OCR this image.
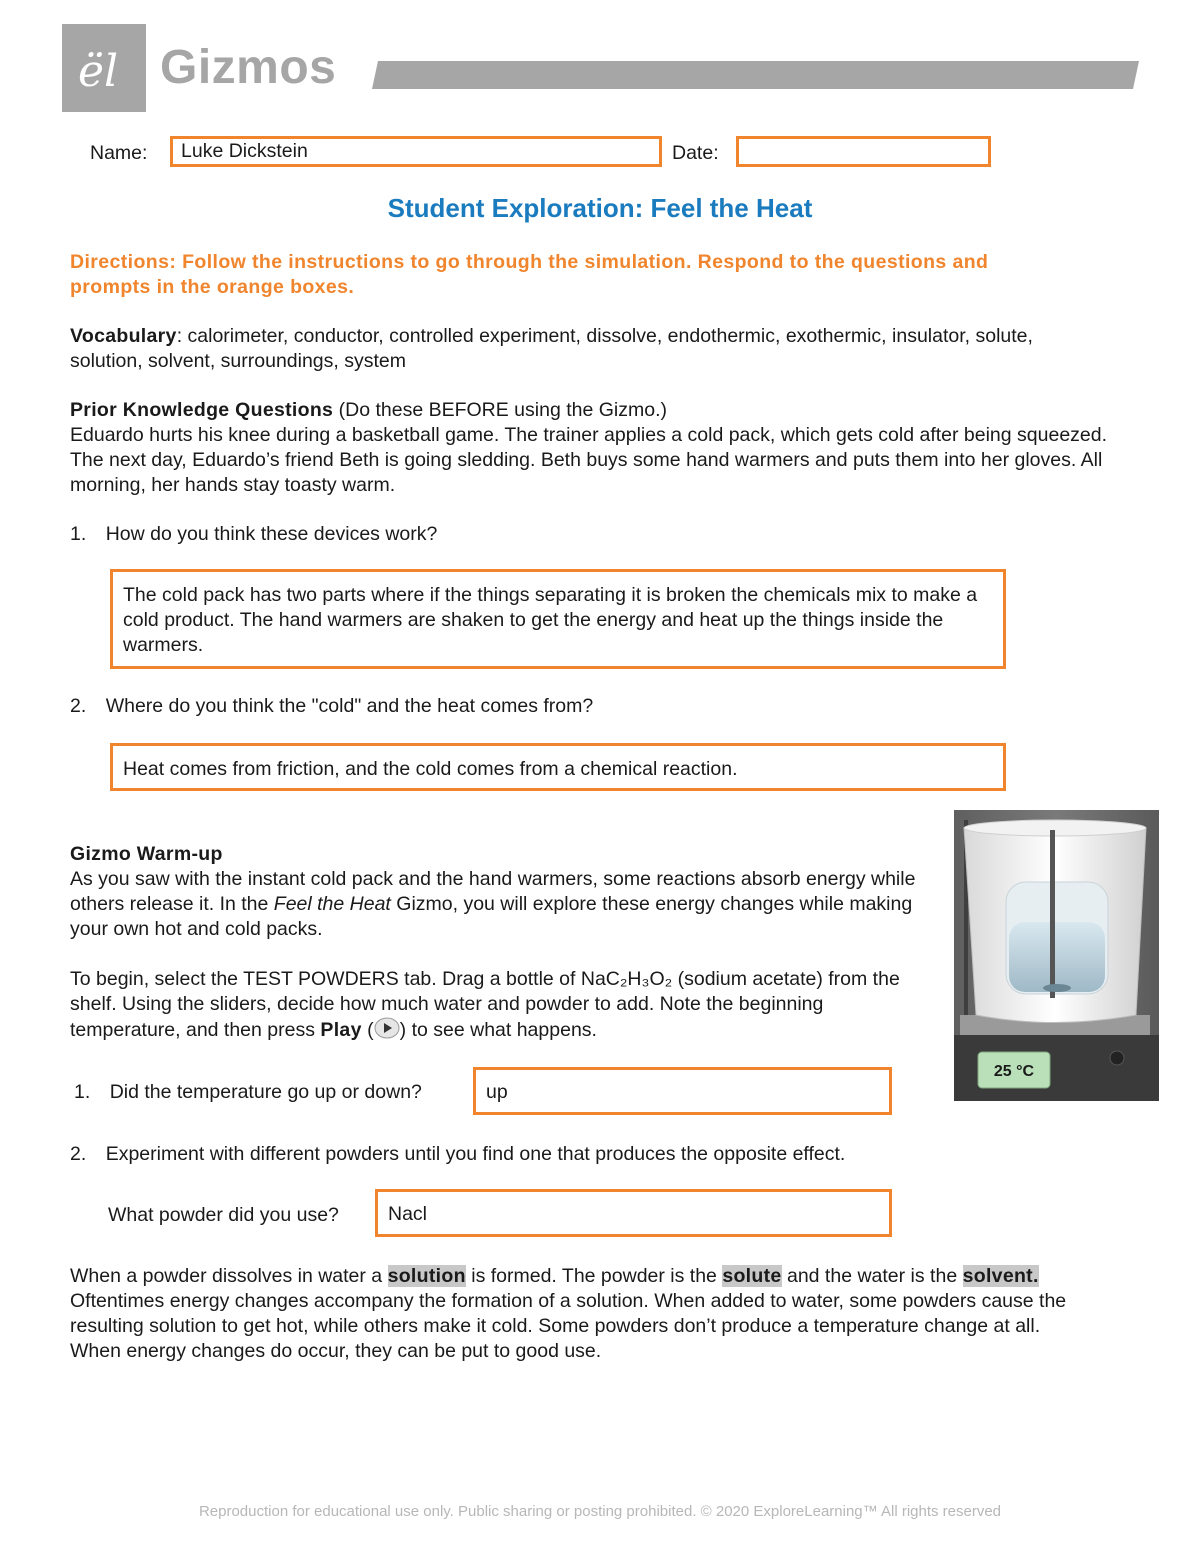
ël Gizmos
Name:	Luke Dickstein	Date:
Student Exploration: Feel the Heat
Directions: Follow the instructions to go through the simulation. Respond to the questions and prompts in the orange boxes.
Vocabulary: calorimeter, conductor, controlled experiment, dissolve, endothermic, exothermic, insulator, solute, solution, solvent, surroundings, system
Prior Knowledge Questions (Do these BEFORE using the Gizmo.)
Eduardo hurts his knee during a basketball game. The trainer applies a cold pack, which gets cold after being squeezed. The next day, Eduardo’s friend Beth is going sledding. Beth buys some hand warmers and puts them into her gloves. All morning, her hands stay toasty warm.
1. How do you think these devices work?
The cold pack has two parts where if the things separating it is broken the chemicals mix to make a cold product. The hand warmers are shaken to get the energy and heat up the things inside the warmers.
2. Where do you think the "cold" and the heat comes from?
Heat comes from friction, and the cold comes from a chemical reaction.
25 °C
Gizmo Warm-up
As you saw with the instant cold pack and the hand warmers, some reactions absorb energy while others release it. In the Feel the Heat Gizmo, you will explore these energy changes while making your own hot and cold packs.
To begin, select the TEST POWDERS tab. Drag a bottle of NaC₂H₃O₂ (sodium acetate) from the shelf. Using the sliders, decide how much water and powder to add. Note the beginning temperature, and then press Play ( ) to see what happens.
1. Did the temperature go up or down?	up
2. Experiment with different powders until you find one that produces the opposite effect.
What powder did you use?	Nacl
When a powder dissolves in water a solution is formed. The powder is the solute and the water is the solvent. Oftentimes energy changes accompany the formation of a solution. When added to water, some powders cause the resulting solution to get hot, while others make it cold. Some powders don’t produce a temperature change at all. When energy changes do occur, they can be put to good use.
Reproduction for educational use only. Public sharing or posting prohibited. © 2020 ExploreLearning™ All rights reserved
